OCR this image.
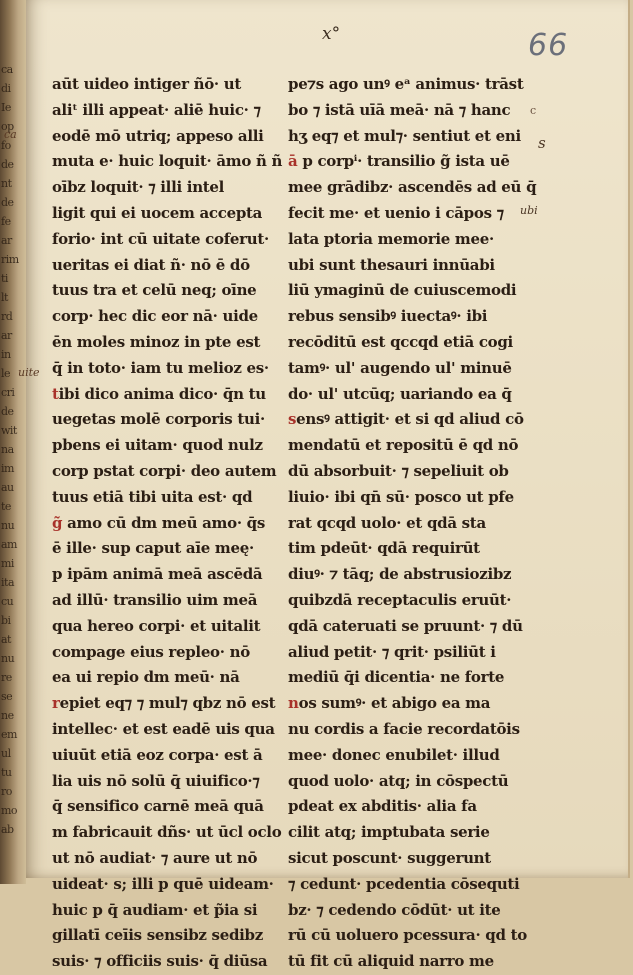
ca
di
Ie
op
fo
de
nt
de
fe
ar
rim
ti
lt
rd
ar
in
le
cri
de
wit
na
im
au
te
nu
am
mi
ita
cu
bi
at
nu
re
se
ne
em
ul
tu
ro
mo
ab
x°	66
ca
uite
c
s
ubi
aūt uideo intiger ñō· ut
aliᵗ illi appeat· aliē huic· ⁊
eodē mō utriq; appeso alli
muta e· huic loquit· āmo ñ ñ
oībz loquit· ⁊ illi intel
ligit qui ei uocem accepta
forio· int cū uitate coferut·
ueritas ei diat ñ· nō ē dō
tuus tra et celū neq; oīne
corp· hec dic eor nā· uide
ēn moles minoz in pte est
q̄ in toto· iam tu melioz es·
tibi dico anima dico· q̄n tu
uegetas molē corporis tui·
pbens ei uitam· quod nulz
corp pstat corpi· deo autem
tuus etiā tibi uita est· qd
g̃ amo cū dm meū amo· q̄s
ē ille· sup caput aīe meę·
p ipām animā meā ascēdā
ad illū· transilio uim meā
qua hereo corpi· et uitalit
compage eius repleo· nō
ea ui repio dm meū· nā
repiet eq⁊ ⁊ mul⁊ qbz nō est
intellec· et est eadē uis qua
uiuūt etiā eoz corpa· est ā
lia uis nō solū q̄ uiuifico·⁊
q̄ sensifico carnē meā quā
m fabricauit dñs· ut ūcl oclo
ut nō audiat· ⁊ aure ut nō
uideat· s; illi p quē uideam·
huic p q̄ audiam· et p̃ia si
gillatī ceīis sensibz sedibz
suis· ⁊ officiis suis· q̄ diūsa
pe⁊s ago unꝰ eᵃ animus· trāst
bo ⁊ istā uīā meā· nā ⁊ hanc
hʒ eq⁊ et mul⁊· sentiut et eni
ā p corpⁱ· transilio g̃ ista uē
mee grādibz· ascendēs ad eū q̄
fecit me· et uenio i cāpos ⁊
lata ptoria memorie mee·
ubi sunt thesauri innūabi
liū ymaginū de cuiuscemodi
rebus sensibꝰ iuectaꝰ· ibi
recōditū est qccqd etiā cogi
tamꝰ· ul' augendo ul' minuē
do· ul' utcūq; uariando ea q̄
sensꝰ attigit· et si qd aliud cō
mendatū et repositū ē qd nō
dū absorbuit· ⁊ sepeliuit ob
liuio· ibi qn̄ sū· posco ut pfe
rat qcqd uolo· et qdā sta
tim pdeūt· qdā requirūt
diuꝰ· ⁊ tāq; de abstrusiozibz
quibzdā receptaculis eruūt·
qdā cateruati se pruunt· ⁊ dū
aliud petit· ⁊ qrit· psiliūt i
mediū q̄i dicentia· ne forte
nos sumꝰ· et abigo ea ma
nu cordis a facie recordatōis
mee· donec enubilet· illud
quod uolo· atq; in cōspectū
pdeat ex abditis· alia fa
cilit atq; imptubata serie
sicut poscunt· suggerunt
⁊ cedunt· pcedentia cōsequti
bz· ⁊ cedendo cōdūt· ut ite
rū cū uoluero pcessura· qd to
tū fit cū aliquid narro me
